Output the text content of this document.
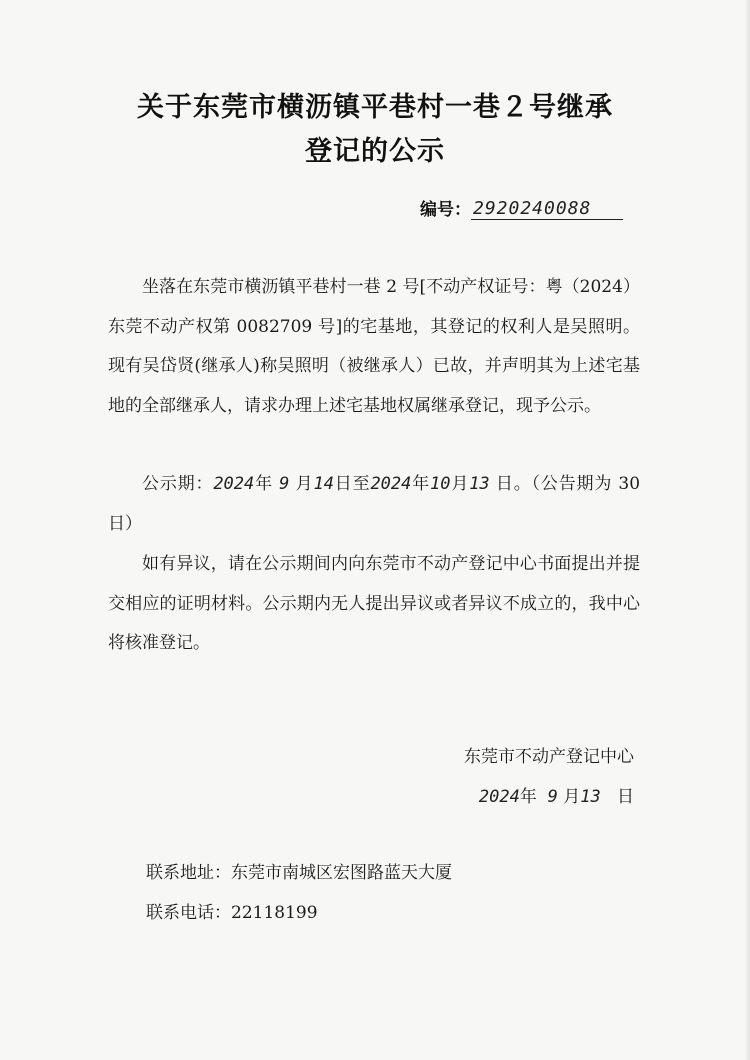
关于东莞市横沥镇平巷村一巷２号继承
登记的公示
编号： 2920240088

坐落在东莞市横沥镇平巷村一巷 2 号[不动产权证号：粤（2024）东莞不动产权第 0082709 号]的宅基地，其登记的权利人是吴照明。现有吴岱贤(继承人)称吴照明（被继承人）已故，并声明其为上述宅基地的全部继承人，请求办理上述宅基地权属继承登记，现予公示。

公示期：2024年 9 月14日至2024年10月13 日。（公告期为 30 日）

如有异议，请在公示期间内向东莞市不动产登记中心书面提出并提交相应的证明材料。公示期内无人提出异议或者异议不成立的，我中心将核准登记。

东莞市不动产登记中心

2024年 9 月13 日

联系地址：东莞市南城区宏图路蓝天大厦

联系电话：22118199
